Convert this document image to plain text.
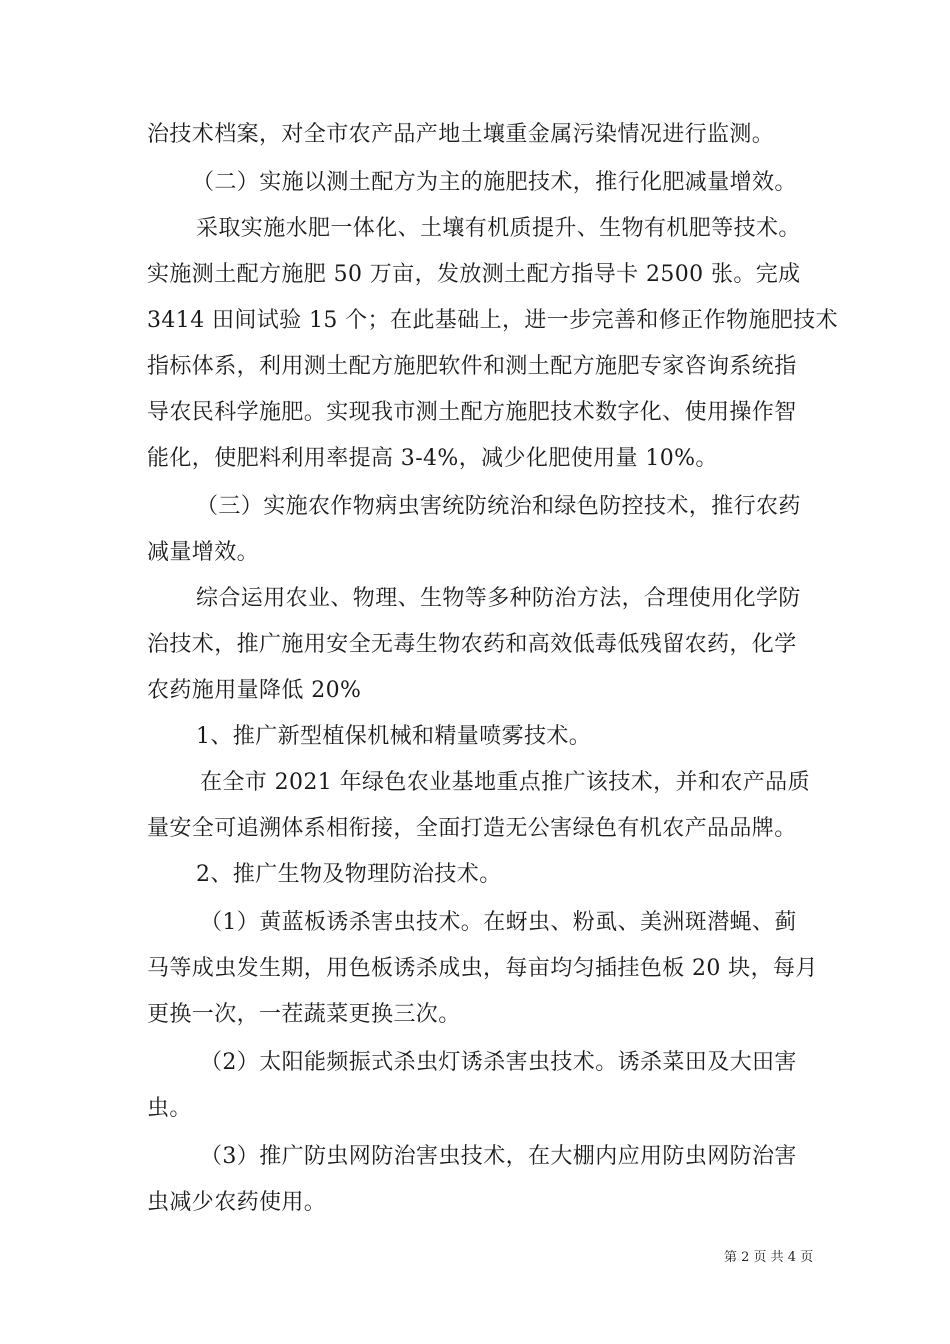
治技术档案，对全市农产品产地土壤重金属污染情况进行监测。
（二）实施以测土配方为主的施肥技术，推行化肥减量增效。
采取实施水肥一体化、土壤有机质提升、生物有机肥等技术。
实施测土配方施肥 50 万亩，发放测土配方指导卡 2500 张。完成
3414 田间试验 15 个；在此基础上，进一步完善和修正作物施肥技术
指标体系，利用测土配方施肥软件和测土配方施肥专家咨询系统指
导农民科学施肥。实现我市测土配方施肥技术数字化、使用操作智
能化，使肥料利用率提高 3-4%，减少化肥使用量 10%。
（三）实施农作物病虫害统防统治和绿色防控技术，推行农药
减量增效。
综合运用农业、物理、生物等多种防治方法，合理使用化学防
治技术，推广施用安全无毒生物农药和高效低毒低残留农药，化学
农药施用量降低 20%
1、推广新型植保机械和精量喷雾技术。
在全市 2021 年绿色农业基地重点推广该技术，并和农产品质
量安全可追溯体系相衔接，全面打造无公害绿色有机农产品品牌。
2、推广生物及物理防治技术。
（1）黄蓝板诱杀害虫技术。在蚜虫、粉虱、美洲斑潜蝇、蓟
马等成虫发生期，用色板诱杀成虫，每亩均匀插挂色板 20 块，每月
更换一次，一茬蔬菜更换三次。
（2）太阳能频振式杀虫灯诱杀害虫技术。诱杀菜田及大田害
虫。
（3）推广防虫网防治害虫技术，在大棚内应用防虫网防治害
虫减少农药使用。
第 2 页 共 4 页
